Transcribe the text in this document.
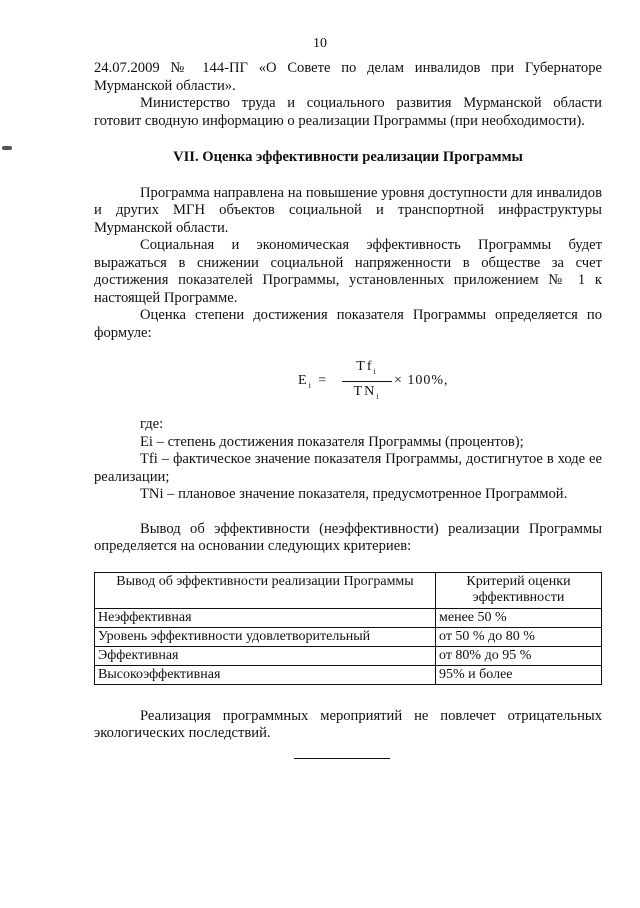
10

24.07.2009 № 144-ПГ «О Совете по делам инвалидов при Губернаторе Мурманской области».

Министерство труда и социального развития Мурманской области готовит сводную информацию о реализации Программы (при необходимости).

VII. Оценка эффективности реализации Программы

Программа направлена на повышение уровня доступности для инвалидов и других МГН объектов социальной и транспортной инфраструктуры Мурманской области.

Социальная и экономическая эффективность Программы будет выражаться в снижении социальной напряженности в обществе за счет достижения показателей Программы, установленных приложением № 1 к настоящей Программе.

Оценка степени достижения показателя Программы определяется по формуле:

$E_i$ =
$Tf_i$
$TN_i$
× 100%,

где:

Ei – степень достижения показателя Программы (процентов);

Tfi – фактическое значение показателя Программы, достигнутое в ходе ее реализации;

TNi – плановое значение показателя, предусмотренное Программой.

Вывод об эффективности (неэффективности) реализации Программы определяется на основании следующих критериев:

Вывод об эффективности реализации Программы	Критерий оценки эффективности
Неэффективная	менее 50 %
Уровень эффективности удовлетворительный	от 50 % до 80 %
Эффективная	от 80% до 95 %
Высокоэффективная	95% и более

Реализация программных мероприятий не повлечет отрицательных экологических последствий.
